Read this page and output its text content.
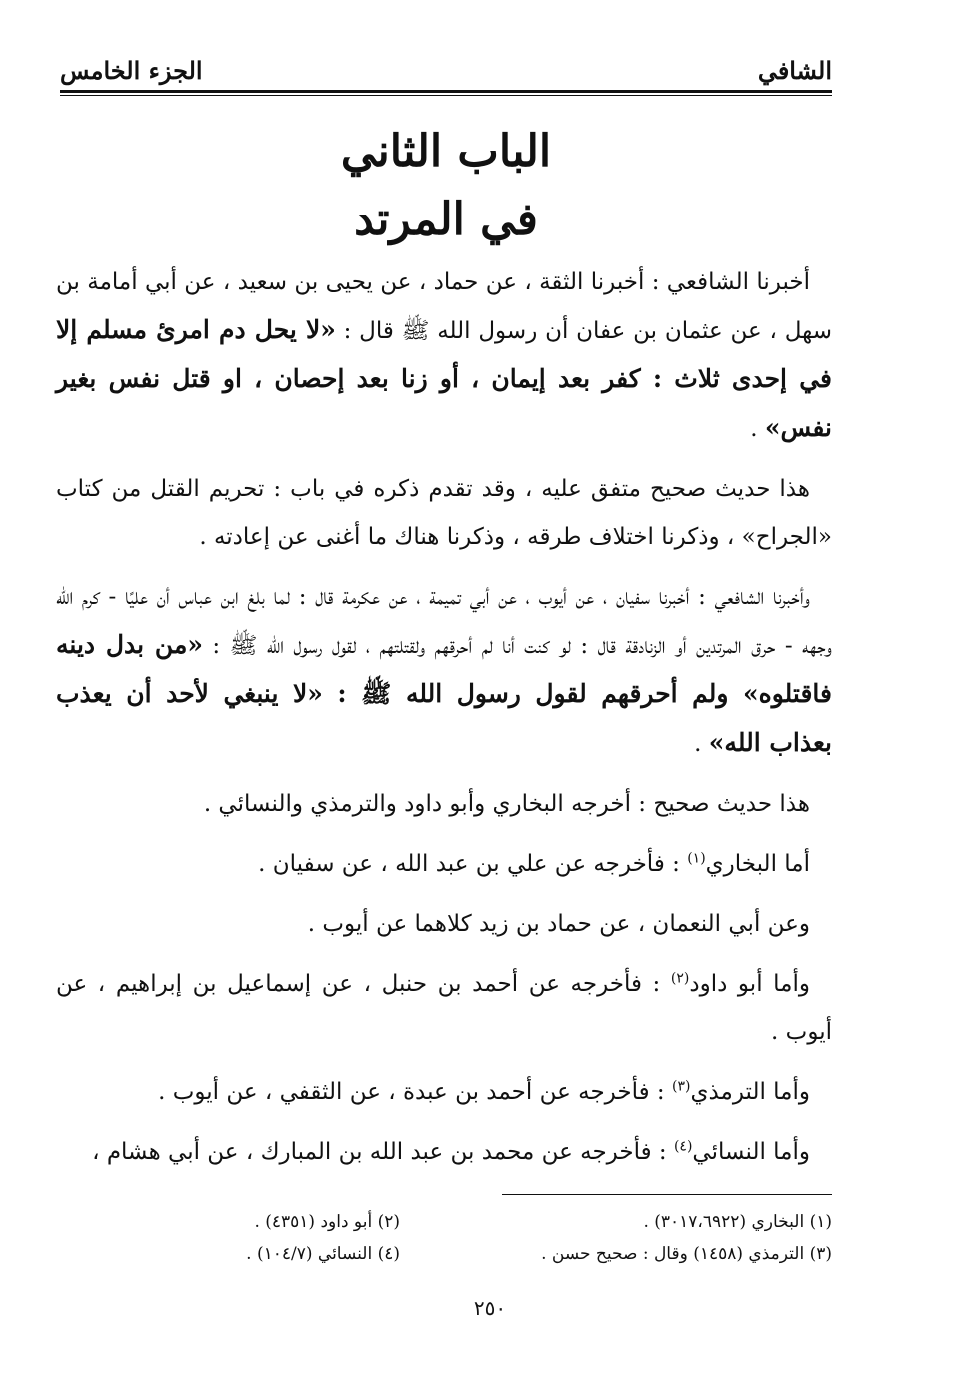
الشافي
الجزء الخامس
الباب الثاني
في المرتد

أخبرنا الشافعي : أخبرنا الثقة ، عن حماد ، عن يحيى بن سعيد ، عن أبي أمامة بن سهل ، عن عثمان بن عفان أن رسول الله ﷺ قال : «لا يحل دم امرئ مسلم إلا في إحدى ثلاث : كفر بعد إيمان ، أو زنا بعد إحصان ، او قتل نفس بغير نفس» .

هذا حديث صحيح متفق عليه ، وقد تقدم ذكره في باب : تحريم القتل من كتاب «الجراح» ، وذكرنا اختلاف طرقه ، وذكرنا هناك ما أغنى عن إعادته .

وأخبرنا الشافعي : أخبرنا سفيان ، عن أيوب ، عن أبي تميمة ، عن عكرمة قال : لما بلغ ابن عباس أن عليًا - كرم الله وجهه - حرق المرتدين أو الزنادقة قال : لو كنت أنا لم أحرقهم ولقتلتهم ، لقول رسول الله ﷺ : «من بدل دينه فاقتلوه» ولم أحرقهم لقول رسول الله ﷺ : «لا ينبغي لأحد أن يعذب بعذاب الله» .

هذا حديث صحيح : أخرجه البخاري وأبو داود والترمذي والنسائي .

أما البخاري$^{(١)}$ : فأخرجه عن علي بن عبد الله ، عن سفيان .

وعن أبي النعمان ، عن حماد بن زيد كلاهما عن أيوب .

وأما أبو داود$^{(٢)}$ : فأخرجه عن أحمد بن حنبل ، عن إسماعيل بن إبراهيم ، عن أيوب .

وأما الترمذي$^{(٣)}$ : فأخرجه عن أحمد بن عبدة ، عن الثقفي ، عن أيوب .

وأما النسائي$^{(٤)}$ : فأخرجه عن محمد بن عبد الله بن المبارك ، عن أبي هشام ،

(١) البخاري (٣٠١٧،٦٩٢٢) .
(٢) أبو داود (٤٣٥١) .
(٣) الترمذي (١٤٥٨) وقال : صحيح حسن .
(٤) النسائي (١٠٤/٧) .
٢٥٠
